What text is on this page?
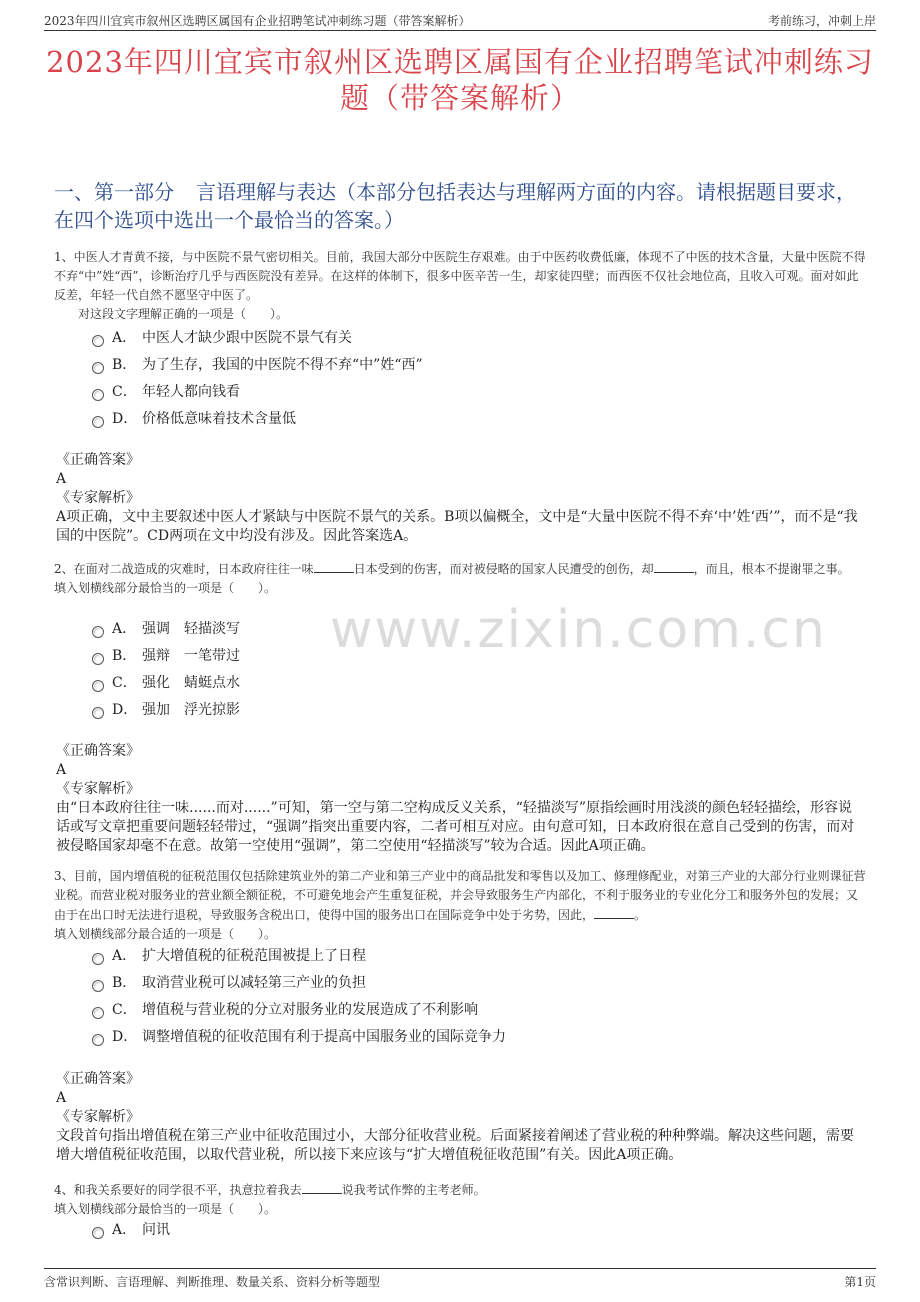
2023年四川宜宾市叙州区选聘区属国有企业招聘笔试冲刺练习题（带答案解析）	考前练习，冲刺上岸
2023年四川宜宾市叙州区选聘区属国有企业招聘笔试冲刺练习题（带答案解析）
一、第一部分 言语理解与表达（本部分包括表达与理解两方面的内容。请根据题目要求，在四个选项中选出一个最恰当的答案。）
www.zixin.com.cn

1、中医人才青黄不接，与中医院不景气密切相关。目前，我国大部分中医院生存艰难。由于中医药收费低廉，体现不了中医的技术含量，大量中医院不得不弃“中”姓“西”，诊断治疗几乎与西医院没有差异。在这样的体制下，很多中医辛苦一生，却家徒四壁；而西医不仅社会地位高，且收入可观。面对如此反差，年轻一代自然不愿坚守中医了。

对这段文字理解正确的一项是（　　）。

A． 中医人才缺少跟中医院不景气有关
B． 为了生存，我国的中医院不得不弃“中”姓“西”
C． 年轻人都向钱看
D． 价格低意味着技术含量低

《正确答案》

A

《专家解析》

A项正确，文中主要叙述中医人才紧缺与中医院不景气的关系。B项以偏概全，文中是“大量中医院不得不弃‘中’姓‘西’”，而不是“我国的中医院”。CD两项在文中均没有涉及。因此答案选A。

2、在面对二战造成的灾难时，日本政府往往一味	日本受到的伤害，而对被侵略的国家人民遭受的创伤，却	，而且，根本不提谢罪之事。

填入划横线部分最恰当的一项是（　　）。

A． 强调　轻描淡写
B． 强辩　一笔带过
C． 强化　蜻蜓点水
D． 强加　浮光掠影

《正确答案》

A

《专家解析》

由“日本政府往往一味......而对......”可知，第一空与第二空构成反义关系，“轻描淡写”原指绘画时用浅淡的颜色轻轻描绘，形容说话或写文章把重要问题轻轻带过，“强调”指突出重要内容，二者可相互对应。由句意可知，日本政府很在意自己受到的伤害，而对被侵略国家却毫不在意。故第一空使用“强调”，第二空使用“轻描淡写”较为合适。因此A项正确。

3、目前，国内增值税的征税范围仅包括除建筑业外的第二产业和第三产业中的商品批发和零售以及加工、修理修配业，对第三产业的大部分行业则课征营业税。而营业税对服务业的营业额全额征税，不可避免地会产生重复征税，并会导致服务生产内部化，不利于服务业的专业化分工和服务外包的发展；又由于在出口时无法进行退税，导致服务含税出口，使得中国的服务出口在国际竞争中处于劣势，因此，	。

填入划横线部分最合适的一项是（　　）。

A． 扩大增值税的征税范围被提上了日程
B． 取消营业税可以减轻第三产业的负担
C． 增值税与营业税的分立对服务业的发展造成了不利影响
D． 调整增值税的征收范围有利于提高中国服务业的国际竞争力

《正确答案》

A

《专家解析》

文段首句指出增值税在第三产业中征收范围过小，大部分征收营业税。后面紧接着阐述了营业税的种种弊端。解决这些问题，需要增大增值税征收范围，以取代营业税，所以接下来应该与“扩大增值税征收范围”有关。因此A项正确。

4、和我关系要好的同学很不平，执意拉着我去	说我考试作弊的主考老师。

填入划横线部分最恰当的一项是（　　）。

A． 问讯
含常识判断、言语理解、判断推理、数量关系、资料分析等题型	第1页
